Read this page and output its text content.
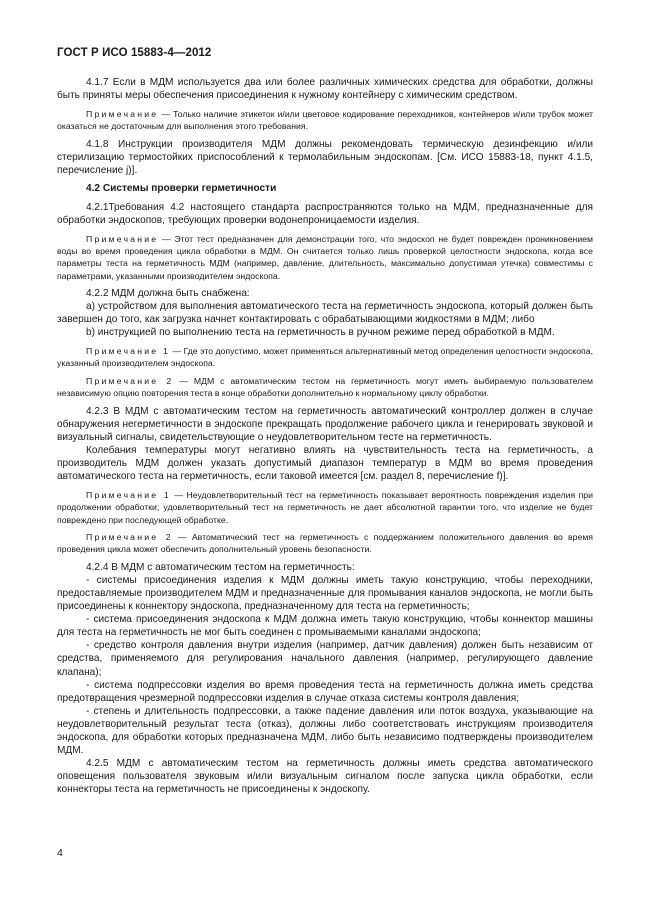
ГОСТ Р ИСО 15883-4—2012

4.1.7 Если в МДМ используется два или более различных химических средства для обработки, должны быть приняты меры обеспечения присоединения к нужному контейнеру с химическим средством.

Примечание — Только наличие этикеток и/или цветовое кодирование переходников, контейнеров и/или трубок может оказаться не достаточным для выполнения этого требования.

4.1.8 Инструкции производителя МДМ должны рекомендовать термическую дезинфекцию и/или стерилизацию термостойких приспособлений к термолабильным эндоскопам. [См. ИСО 15883-18, пункт 4.1.5, перечисление j)].

4.2 Системы проверки герметичности

4.2.1Требования 4.2 настоящего стандарта распространяются только на МДМ, предназначенные для обработки эндоскопов, требующих проверки водонепроницаемости изделия.

Примечание — Этот тест предназначен для демонстрации того, что эндоскоп не будет поврежден проникновением воды во время проведения цикла обработки в МДМ. Он считается только лишь проверкой целостности эндоскопа, когда все параметры теста на герметичность МДМ (например, давление, длительность, максимально допустимая утечка) совместимы с параметрами, указанными производителем эндоскопа.

4.2.2 МДМ должна быть снабжена:

a) устройством для выполнения автоматического теста на герметичность эндоскопа, который должен быть завершен до того, как загрузка начнет контактировать с обрабатывающими жидкостями в МДМ; либо

b) инструкцией по выполнению теста на герметичность в ручном режиме перед обработкой в МДМ.

Примечание 1 — Где это допустимо, может применяться альтернативный метод определения целостности эндоскопа, указанный производителем эндоскопа.

Примечание 2 — МДМ с автоматическим тестом на герметичность могут иметь выбираемую пользователем независимую опцию повторения теста в конце обработки дополнительно к нормальному циклу обработки.

4.2.3 В МДМ с автоматическим тестом на герметичность автоматический контроллер должен в случае обнаружения негерметичности в эндоскопе прекращать продолжение рабочего цикла и генерировать звуковой и визуальный сигналы, свидетельствующие о неудовлетворительном тесте на герметичность.

Колебания температуры могут негативно влиять на чувствительность теста на герметичность, а производитель МДМ должен указать допустимый диапазон температур в МДМ во время проведения автоматического теста на герметичность, если таковой имеется [см. раздел 8, перечисление f)].

Примечание 1 — Неудовлетворительный тест на герметичность показывает вероятность повреждения изделия при продолжении обработки; удовлетворительный тест на герметичность не дает абсолютной гарантии того, что изделие не будет повреждено при последующей обработке.

Примечание 2 — Автоматический тест на герметичность с поддержанием положительного давления во время проведения цикла может обеспечить дополнительный уровень безопасности.

4.2.4 В МДМ с автоматическим тестом на герметичность:

- системы присоединения изделия к МДМ должны иметь такую конструкцию, чтобы переходники, предоставляемые производителем МДМ и предназначенные для промывания каналов эндоскопа, не могли быть присоединены к коннектору эндоскопа, предназначенному для теста на герметичность;

- система присоединения эндоскопа к МДМ должна иметь такую конструкцию, чтобы коннектор машины для теста на герметичность не мог быть соединен с промываемыми каналами эндоскопа;

- средство контроля давления внутри изделия (например, датчик давления) должен быть независим от средства, применяемого для регулирования начального давления (например, регулирующего давление клапана);

- система подпрессовки изделия во время проведения теста на герметичность должна иметь средства предотвращения чрезмерной подпрессовки изделия в случае отказа системы контроля давления;

- степень и длительность подпрессовки, а также падение давления или поток воздуха, указывающие на неудовлетворительный результат теста (отказ), должны либо соответствовать инструкциям производителя эндоскопа, для обработки которых предназначена МДМ, либо быть независимо подтверждены производителем МДМ.

4.2.5 МДМ с автоматическим тестом на герметичность должны иметь средства автоматического оповещения пользователя звуковым и/или визуальным сигналом после запуска цикла обработки, если коннекторы теста на герметичность не присоединены к эндоскопу.

4
